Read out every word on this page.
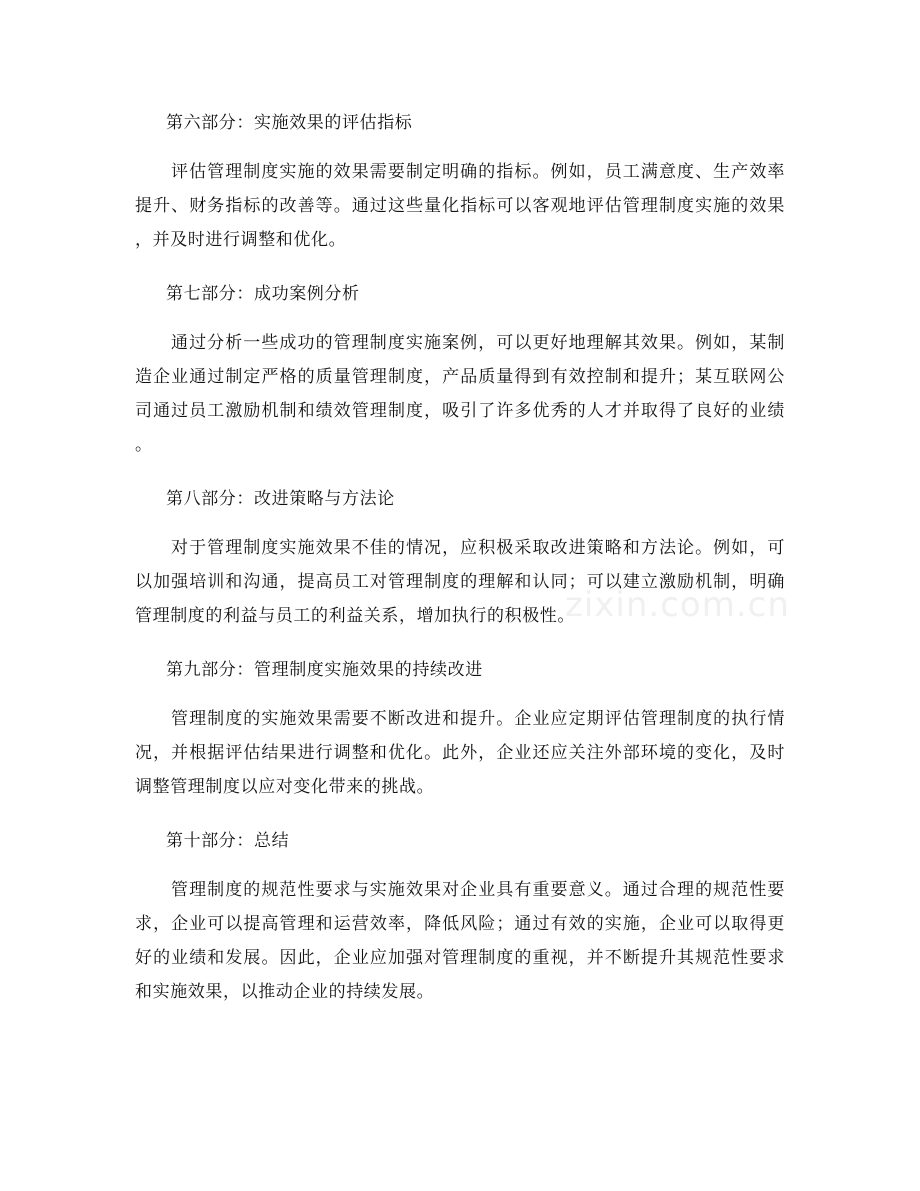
第六部分：实施效果的评估指标
评估管理制度实施的效果需要制定明确的指标。例如，员工满意度、生产效率
提升、财务指标的改善等。通过这些量化指标可以客观地评估管理制度实施的效果
，并及时进行调整和优化。
第七部分：成功案例分析
通过分析一些成功的管理制度实施案例，可以更好地理解其效果。例如，某制
造企业通过制定严格的质量管理制度，产品质量得到有效控制和提升；某互联网公
司通过员工激励机制和绩效管理制度，吸引了许多优秀的人才并取得了良好的业绩
。
第八部分：改进策略与方法论
对于管理制度实施效果不佳的情况，应积极采取改进策略和方法论。例如，可
以加强培训和沟通，提高员工对管理制度的理解和认同；可以建立激励机制，明确
管理制度的利益与员工的利益关系，增加执行的积极性。
第九部分：管理制度实施效果的持续改进
管理制度的实施效果需要不断改进和提升。企业应定期评估管理制度的执行情
况，并根据评估结果进行调整和优化。此外，企业还应关注外部环境的变化，及时
调整管理制度以应对变化带来的挑战。
第十部分：总结
管理制度的规范性要求与实施效果对企业具有重要意义。通过合理的规范性要
求，企业可以提高管理和运营效率，降低风险；通过有效的实施，企业可以取得更
好的业绩和发展。因此，企业应加强对管理制度的重视，并不断提升其规范性要求
和实施效果，以推动企业的持续发展。
zixin.com.cn
